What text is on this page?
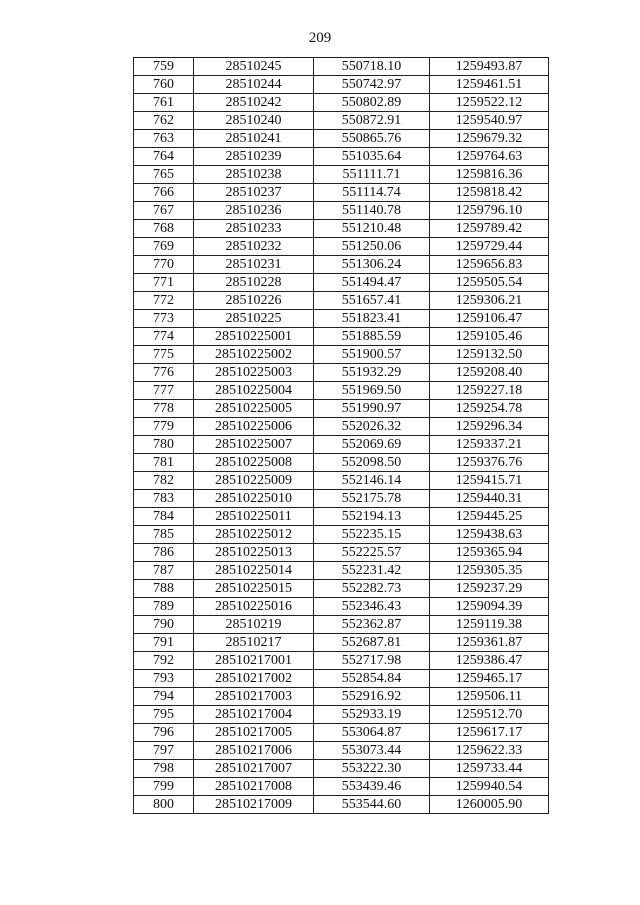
209
759	28510245	550718.10	1259493.87
760	28510244	550742.97	1259461.51
761	28510242	550802.89	1259522.12
762	28510240	550872.91	1259540.97
763	28510241	550865.76	1259679.32
764	28510239	551035.64	1259764.63
765	28510238	551111.71	1259816.36
766	28510237	551114.74	1259818.42
767	28510236	551140.78	1259796.10
768	28510233	551210.48	1259789.42
769	28510232	551250.06	1259729.44
770	28510231	551306.24	1259656.83
771	28510228	551494.47	1259505.54
772	28510226	551657.41	1259306.21
773	28510225	551823.41	1259106.47
774	28510225001	551885.59	1259105.46
775	28510225002	551900.57	1259132.50
776	28510225003	551932.29	1259208.40
777	28510225004	551969.50	1259227.18
778	28510225005	551990.97	1259254.78
779	28510225006	552026.32	1259296.34
780	28510225007	552069.69	1259337.21
781	28510225008	552098.50	1259376.76
782	28510225009	552146.14	1259415.71
783	28510225010	552175.78	1259440.31
784	28510225011	552194.13	1259445.25
785	28510225012	552235.15	1259438.63
786	28510225013	552225.57	1259365.94
787	28510225014	552231.42	1259305.35
788	28510225015	552282.73	1259237.29
789	28510225016	552346.43	1259094.39
790	28510219	552362.87	1259119.38
791	28510217	552687.81	1259361.87
792	28510217001	552717.98	1259386.47
793	28510217002	552854.84	1259465.17
794	28510217003	552916.92	1259506.11
795	28510217004	552933.19	1259512.70
796	28510217005	553064.87	1259617.17
797	28510217006	553073.44	1259622.33
798	28510217007	553222.30	1259733.44
799	28510217008	553439.46	1259940.54
800	28510217009	553544.60	1260005.90
